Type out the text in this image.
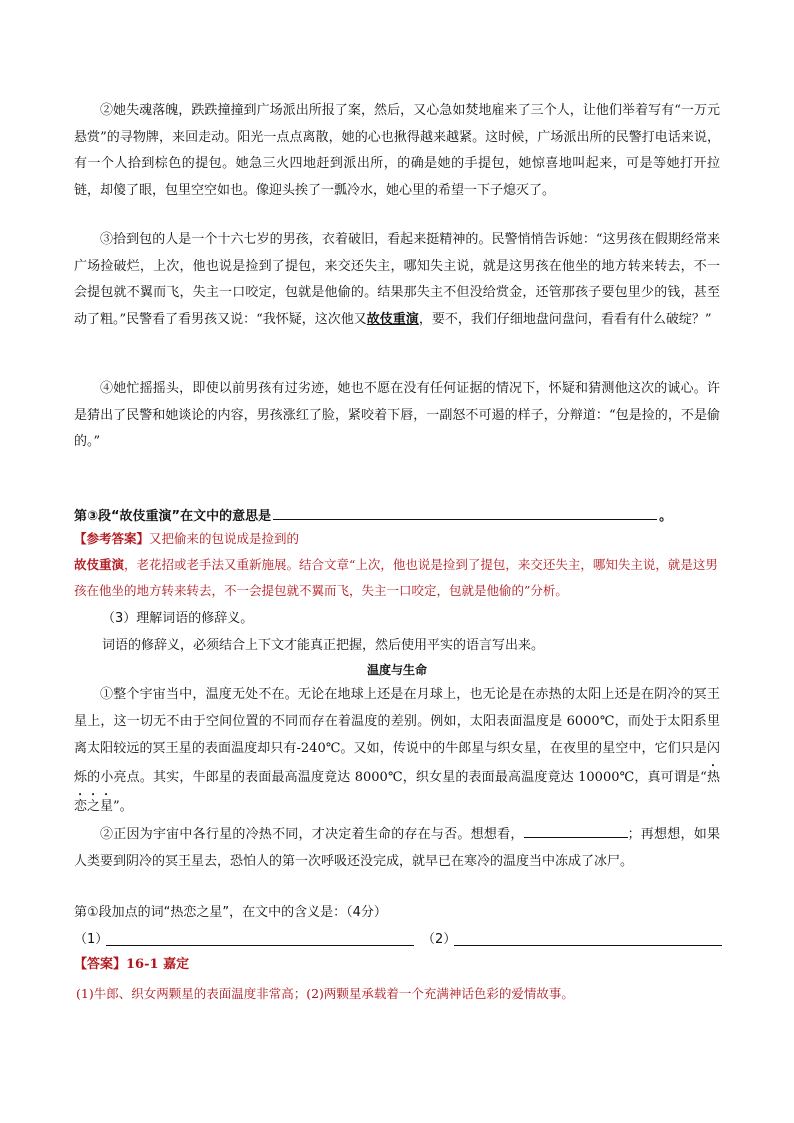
②她失魂落魄，跌跌撞撞到广场派出所报了案，然后，又心急如焚地雇来了三个人，让他们举着写有“一万元悬赏”的寻物牌，来回走动。阳光一点点离散，她的心也揪得越来越紧。这时候，广场派出所的民警打电话来说，有一个人拾到棕色的提包。她急三火四地赶到派出所，的确是她的手提包，她惊喜地叫起来，可是等她打开拉链，却傻了眼，包里空空如也。像迎头挨了一瓢冷水，她心里的希望一下子熄灭了。
③拾到包的人是一个十六七岁的男孩，衣着破旧，看起来挺精神的。民警悄悄告诉她：“这男孩在假期经常来广场捡破烂，上次，他也说是捡到了提包，来交还失主，哪知失主说，就是这男孩在他坐的地方转来转去，不一会提包就不翼而飞，失主一口咬定，包就是他偷的。结果那失主不但没给赏金，还管那孩子要包里少的钱，甚至动了粗。”民警看了看男孩又说：“我怀疑，这次他又故伎重演，要不，我们仔细地盘问盘问，看看有什么破绽？”
④她忙摇摇头，即使以前男孩有过劣迹，她也不愿在没有任何证据的情况下，怀疑和猜测他这次的诚心。许是猜出了民警和她谈论的内容，男孩涨红了脸，紧咬着下唇，一副怒不可遏的样子，分辩道：“包是捡的，不是偷的。”
第③段“故伎重演”在文中的意思是	。
【参考答案】又把偷来的包说成是捡到的
故伎重演，老花招或老手法又重新施展。结合文章“上次，他也说是捡到了提包，来交还失主，哪知失主说，就是这男孩在他坐的地方转来转去，不一会提包就不翼而飞，失主一口咬定，包就是他偷的”分析。
（3）理解词语的修辞义。
词语的修辞义，必须结合上下文才能真正把握，然后使用平实的语言写出来。
温度与生命
①整个宇宙当中，温度无处不在。无论在地球上还是在月球上，也无论是在赤热的太阳上还是在阴冷的冥王星上，这一切无不由于空间位置的不同而存在着温度的差别。例如，太阳表面温度是 6000℃，而处于太阳系里离太阳较远的冥王星的表面温度却只有-240℃。又如，传说中的牛郎星与织女星，在夜里的星空中，它们只是闪烁的小亮点。其实，牛郎星的表面最高温度竟达 8000℃，织女星的表面最高温度竟达 10000℃，真可谓是“热恋之星”。
②正因为宇宙中各行星的冷热不同，才决定着生命的存在与否。想想看，	；再想想，如果人类要到阴冷的冥王星去，恐怕人的第一次呼吸还没完成，就早已在寒冷的温度当中冻成了冰尸。
第①段加点的词“热恋之星”，在文中的含义是：（4分）
（1）	（2）
【答案】16-1 嘉定
(1)牛郎、织女两颗星的表面温度非常高；(2)两颗星承载着一个充满神话色彩的爱情故事。
